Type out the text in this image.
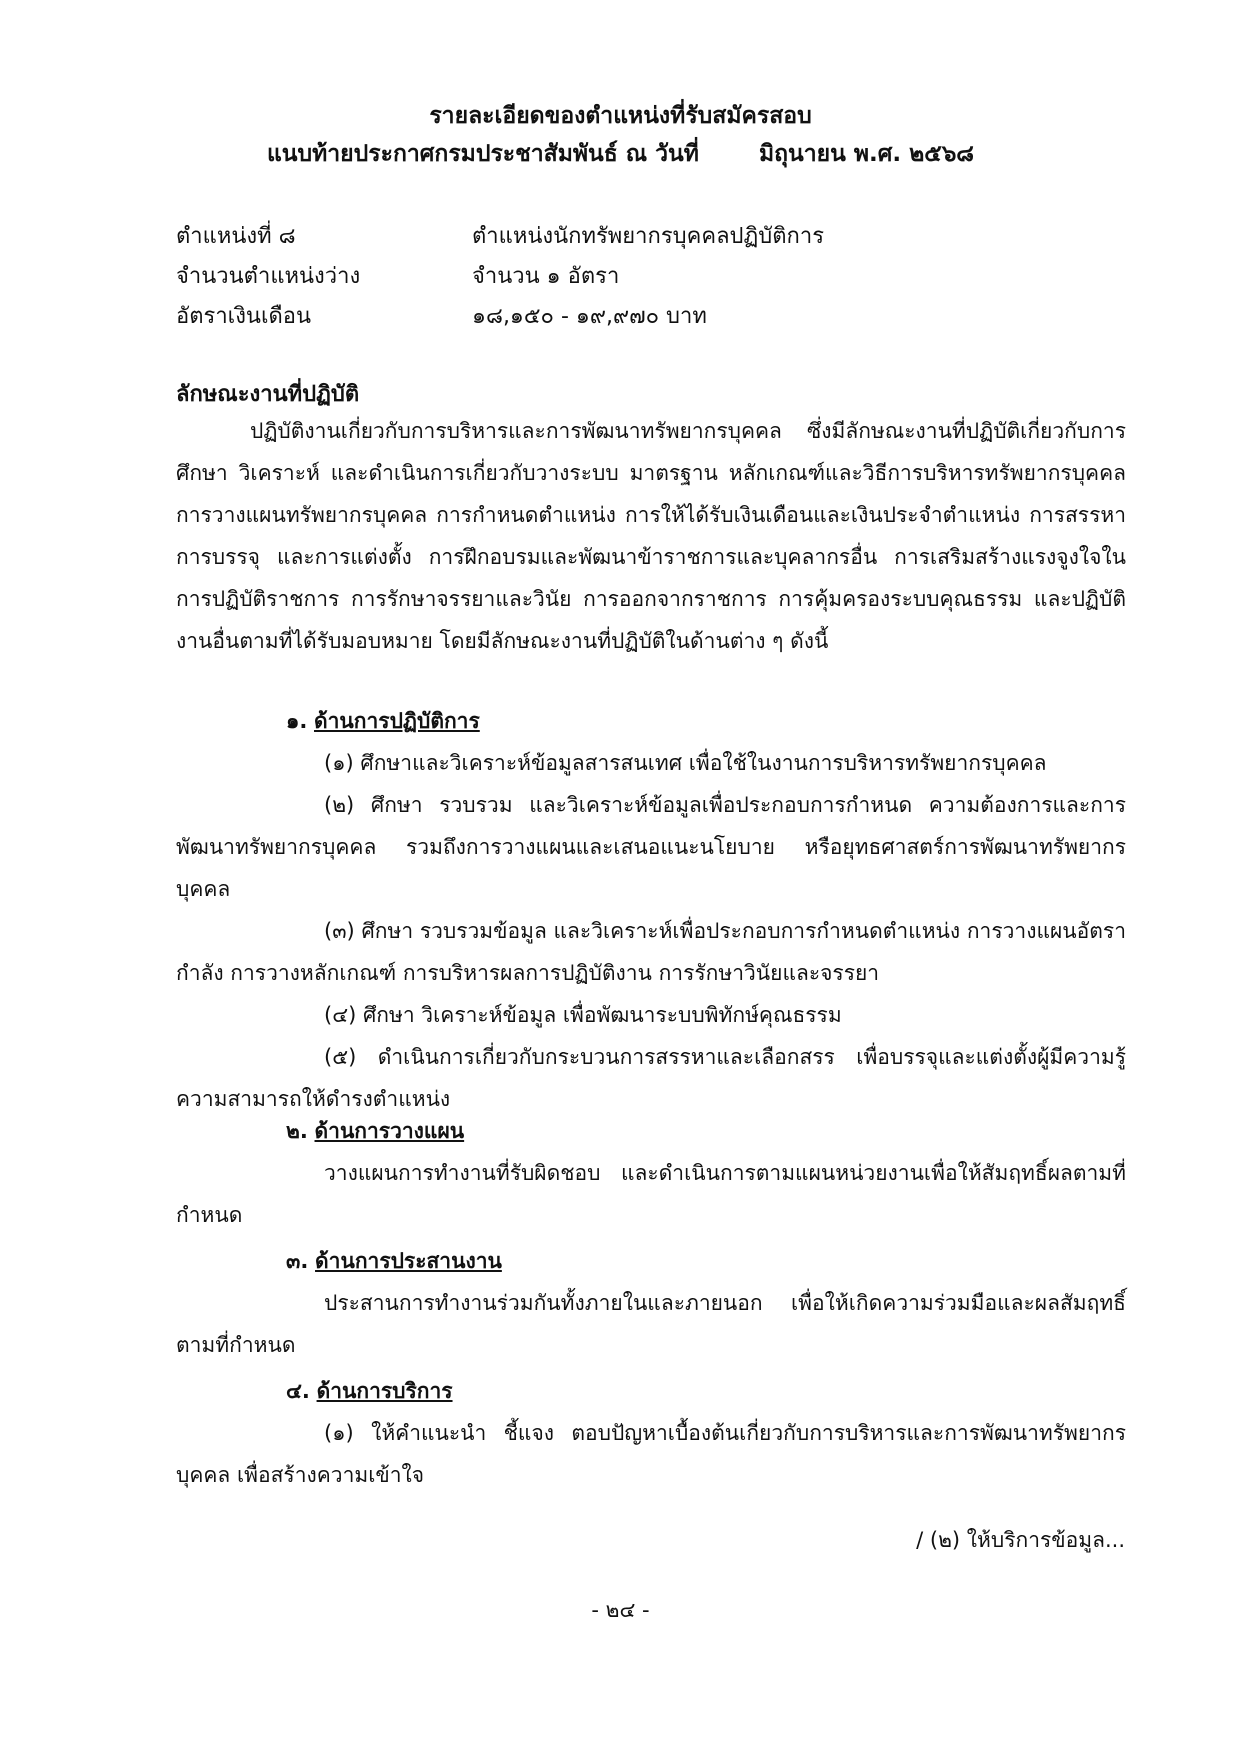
รายละเอียดของตำแหน่งที่รับสมัครสอบ
แนบท้ายประกาศกรมประชาสัมพันธ์ ณ วันที่	มิถุนายน พ.ศ. ๒๕๖๘
ตำแหน่งที่ ๘	ตำแหน่งนักทรัพยากรบุคคลปฏิบัติการ
จำนวนตำแหน่งว่าง	จำนวน ๑ อัตรา
อัตราเงินเดือน	๑๘,๑๕๐ - ๑๙,๙๗๐ บาท
ลักษณะงานที่ปฏิบัติ

ปฏิบัติงานเกี่ยวกับการบริหารและการพัฒนาทรัพยากรบุคคล ซึ่งมีลักษณะงานที่ปฏิบัติเกี่ยวกับการศึกษา วิเคราะห์ และดำเนินการเกี่ยวกับวางระบบ มาตรฐาน หลักเกณฑ์และวิธีการบริหารทรัพยากรบุคคล การวางแผนทรัพยากรบุคคล การกำหนดตำแหน่ง การให้ได้รับเงินเดือนและเงินประจำตำแหน่ง การสรรหา การบรรจุ และการแต่งตั้ง การฝึกอบรมและพัฒนาข้าราชการและบุคลากรอื่น การเสริมสร้างแรงจูงใจในการปฏิบัติราชการ การรักษาจรรยาและวินัย การออกจากราชการ การคุ้มครองระบบคุณธรรม และปฏิบัติงานอื่นตามที่ได้รับมอบหมาย โดยมีลักษณะงานที่ปฏิบัติในด้านต่าง ๆ ดังนี้

๑. ด้านการปฏิบัติการ

(๑) ศึกษาและวิเคราะห์ข้อมูลสารสนเทศ เพื่อใช้ในงานการบริหารทรัพยากรบุคคล

(๒) ศึกษา รวบรวม และวิเคราะห์ข้อมูลเพื่อประกอบการกำหนด ความต้องการและการพัฒนาทรัพยากรบุคคล รวมถึงการวางแผนและเสนอแนะนโยบาย หรือยุทธศาสตร์การพัฒนาทรัพยากรบุคคล

(๓) ศึกษา รวบรวมข้อมูล และวิเคราะห์เพื่อประกอบการกำหนดตำแหน่ง การวางแผนอัตรากำลัง การวางหลักเกณฑ์ การบริหารผลการปฏิบัติงาน การรักษาวินัยและจรรยา

(๔) ศึกษา วิเคราะห์ข้อมูล เพื่อพัฒนาระบบพิทักษ์คุณธรรม

(๕) ดำเนินการเกี่ยวกับกระบวนการสรรหาและเลือกสรร เพื่อบรรจุและแต่งตั้งผู้มีความรู้ความสามารถให้ดำรงตำแหน่ง

๒. ด้านการวางแผน

วางแผนการทำงานที่รับผิดชอบ และดำเนินการตามแผนหน่วยงานเพื่อให้สัมฤทธิ์ผลตามที่กำหนด

๓. ด้านการประสานงาน

ประสานการทำงานร่วมกันทั้งภายในและภายนอก เพื่อให้เกิดความร่วมมือและผลสัมฤทธิ์ตามที่กำหนด

๔. ด้านการบริการ

(๑) ให้คำแนะนำ ชี้แจง ตอบปัญหาเบื้องต้นเกี่ยวกับการบริหารและการพัฒนาทรัพยากรบุคคล เพื่อสร้างความเข้าใจ

/ (๒) ให้บริการข้อมูล...
- ๒๔ -
